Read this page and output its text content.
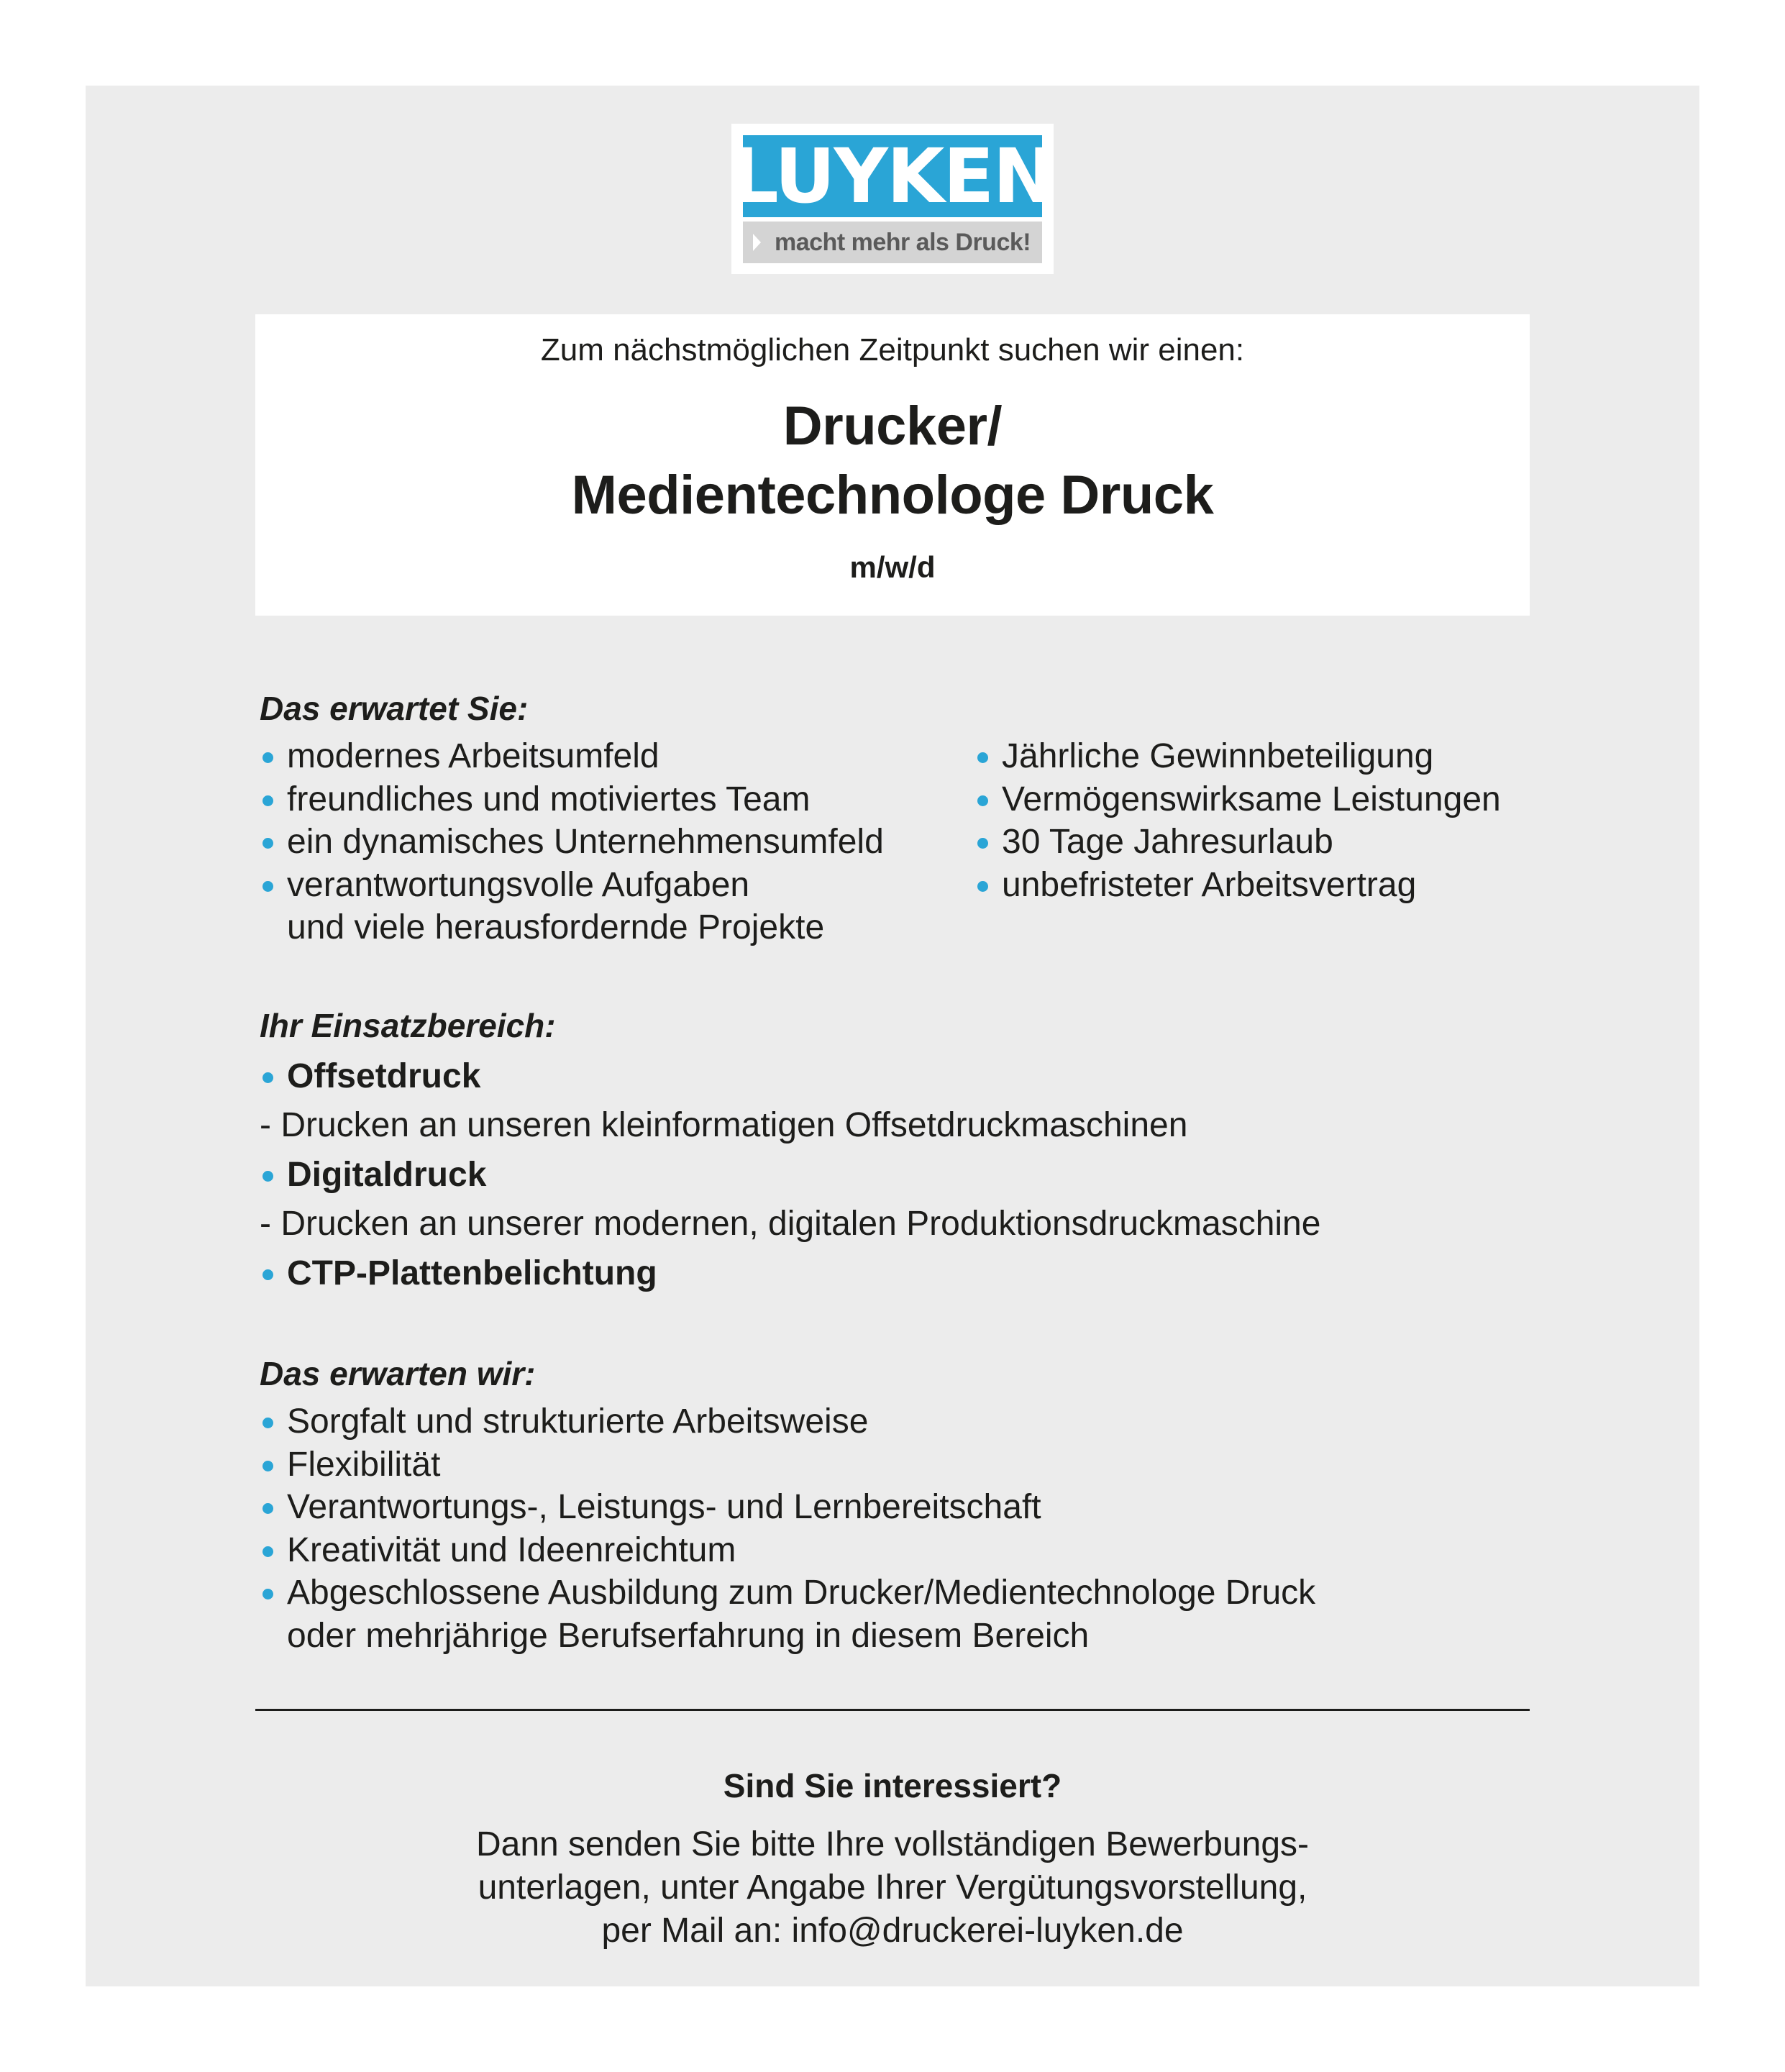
LUYKEN
macht mehr als Druck!
Zum nächstmöglichen Zeitpunkt suchen wir einen:
Drucker/
Medientechnologe Druck
m/w/d
Das erwartet Sie:
modernes Arbeitsumfeld
freundliches und motiviertes Team
ein dynamisches Unternehmensumfeld
verantwortungsvolle Aufgaben
und viele herausfordernde Projekte
Jährliche Gewinnbeteiligung
Vermögenswirksame Leistungen
30 Tage Jahresurlaub
unbefristeter Arbeitsvertrag
Ihr Einsatzbereich:
Offsetdruck
- Drucken an unseren kleinformatigen Offsetdruckmaschinen
Digitaldruck
- Drucken an unserer modernen, digitalen Produktionsdruckmaschine
CTP-Plattenbelichtung
Das erwarten wir:
Sorgfalt und strukturierte Arbeitsweise
Flexibilität
Verantwortungs-, Leistungs- und Lernbereitschaft
Kreativität und Ideenreichtum
Abgeschlossene Ausbildung zum Drucker/Medientechnologe Druck
oder mehrjährige Berufserfahrung in diesem Bereich
Sind Sie interessiert?
Dann senden Sie bitte Ihre vollständigen Bewerbungs-
unterlagen, unter Angabe Ihrer Vergütungsvorstellung,
per Mail an: info@druckerei-luyken.de
